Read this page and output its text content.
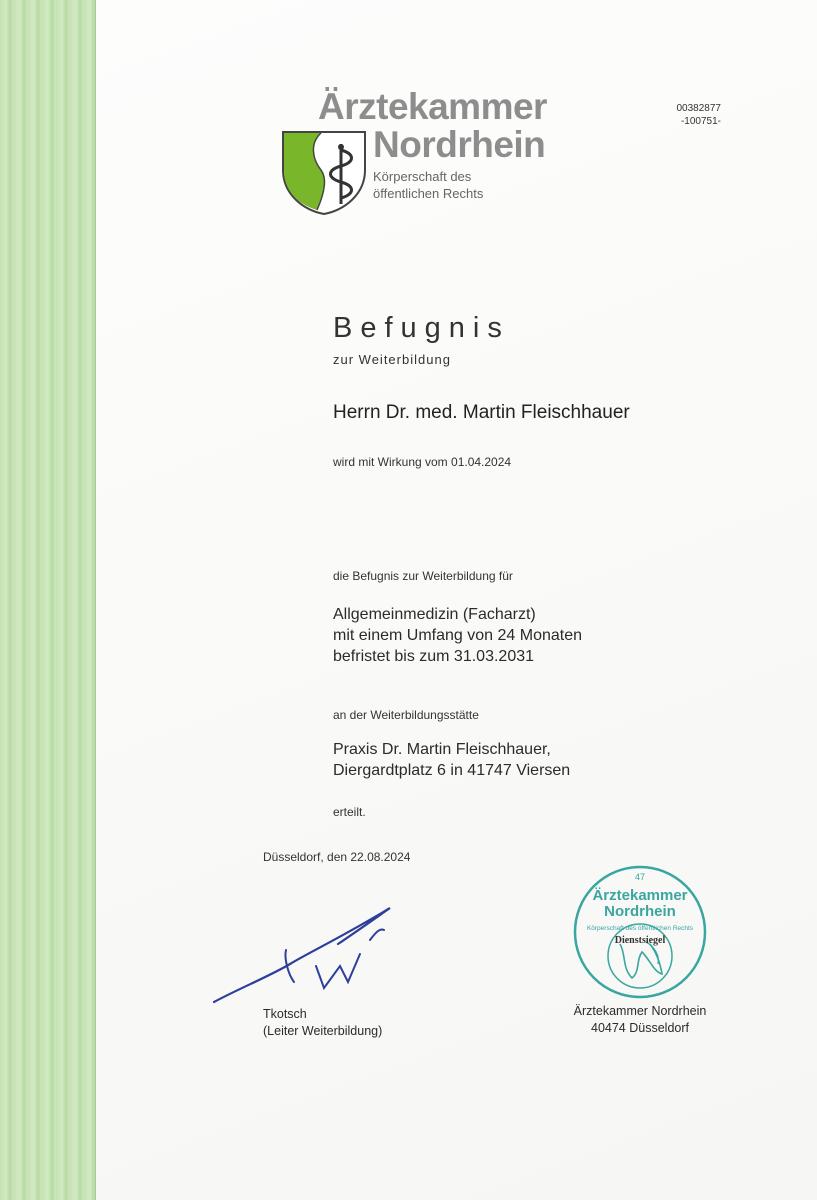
Ärztekammer
Nordrhein
Körperschaft des
öffentlichen Rechts
00382877
-100751-
Befugnis
zur Weiterbildung
Herrn Dr. med. Martin Fleischhauer
wird mit Wirkung vom 01.04.2024
die Befugnis zur Weiterbildung für
Allgemeinmedizin (Facharzt)
mit einem Umfang von 24 Monaten
befristet bis zum 31.03.2031
an der Weiterbildungsstätte
Praxis Dr. Martin Fleischhauer,
Diergardtplatz 6 in 41747 Viersen
erteilt.
Düsseldorf, den 22.08.2024
Tkotsch
(Leiter Weiterbildung)
47
Ärztekammer
Nordrhein
Körperschaft des öffentlichen Rechts
Dienstsiegel
Ärztekammer Nordrhein
40474 Düsseldorf
